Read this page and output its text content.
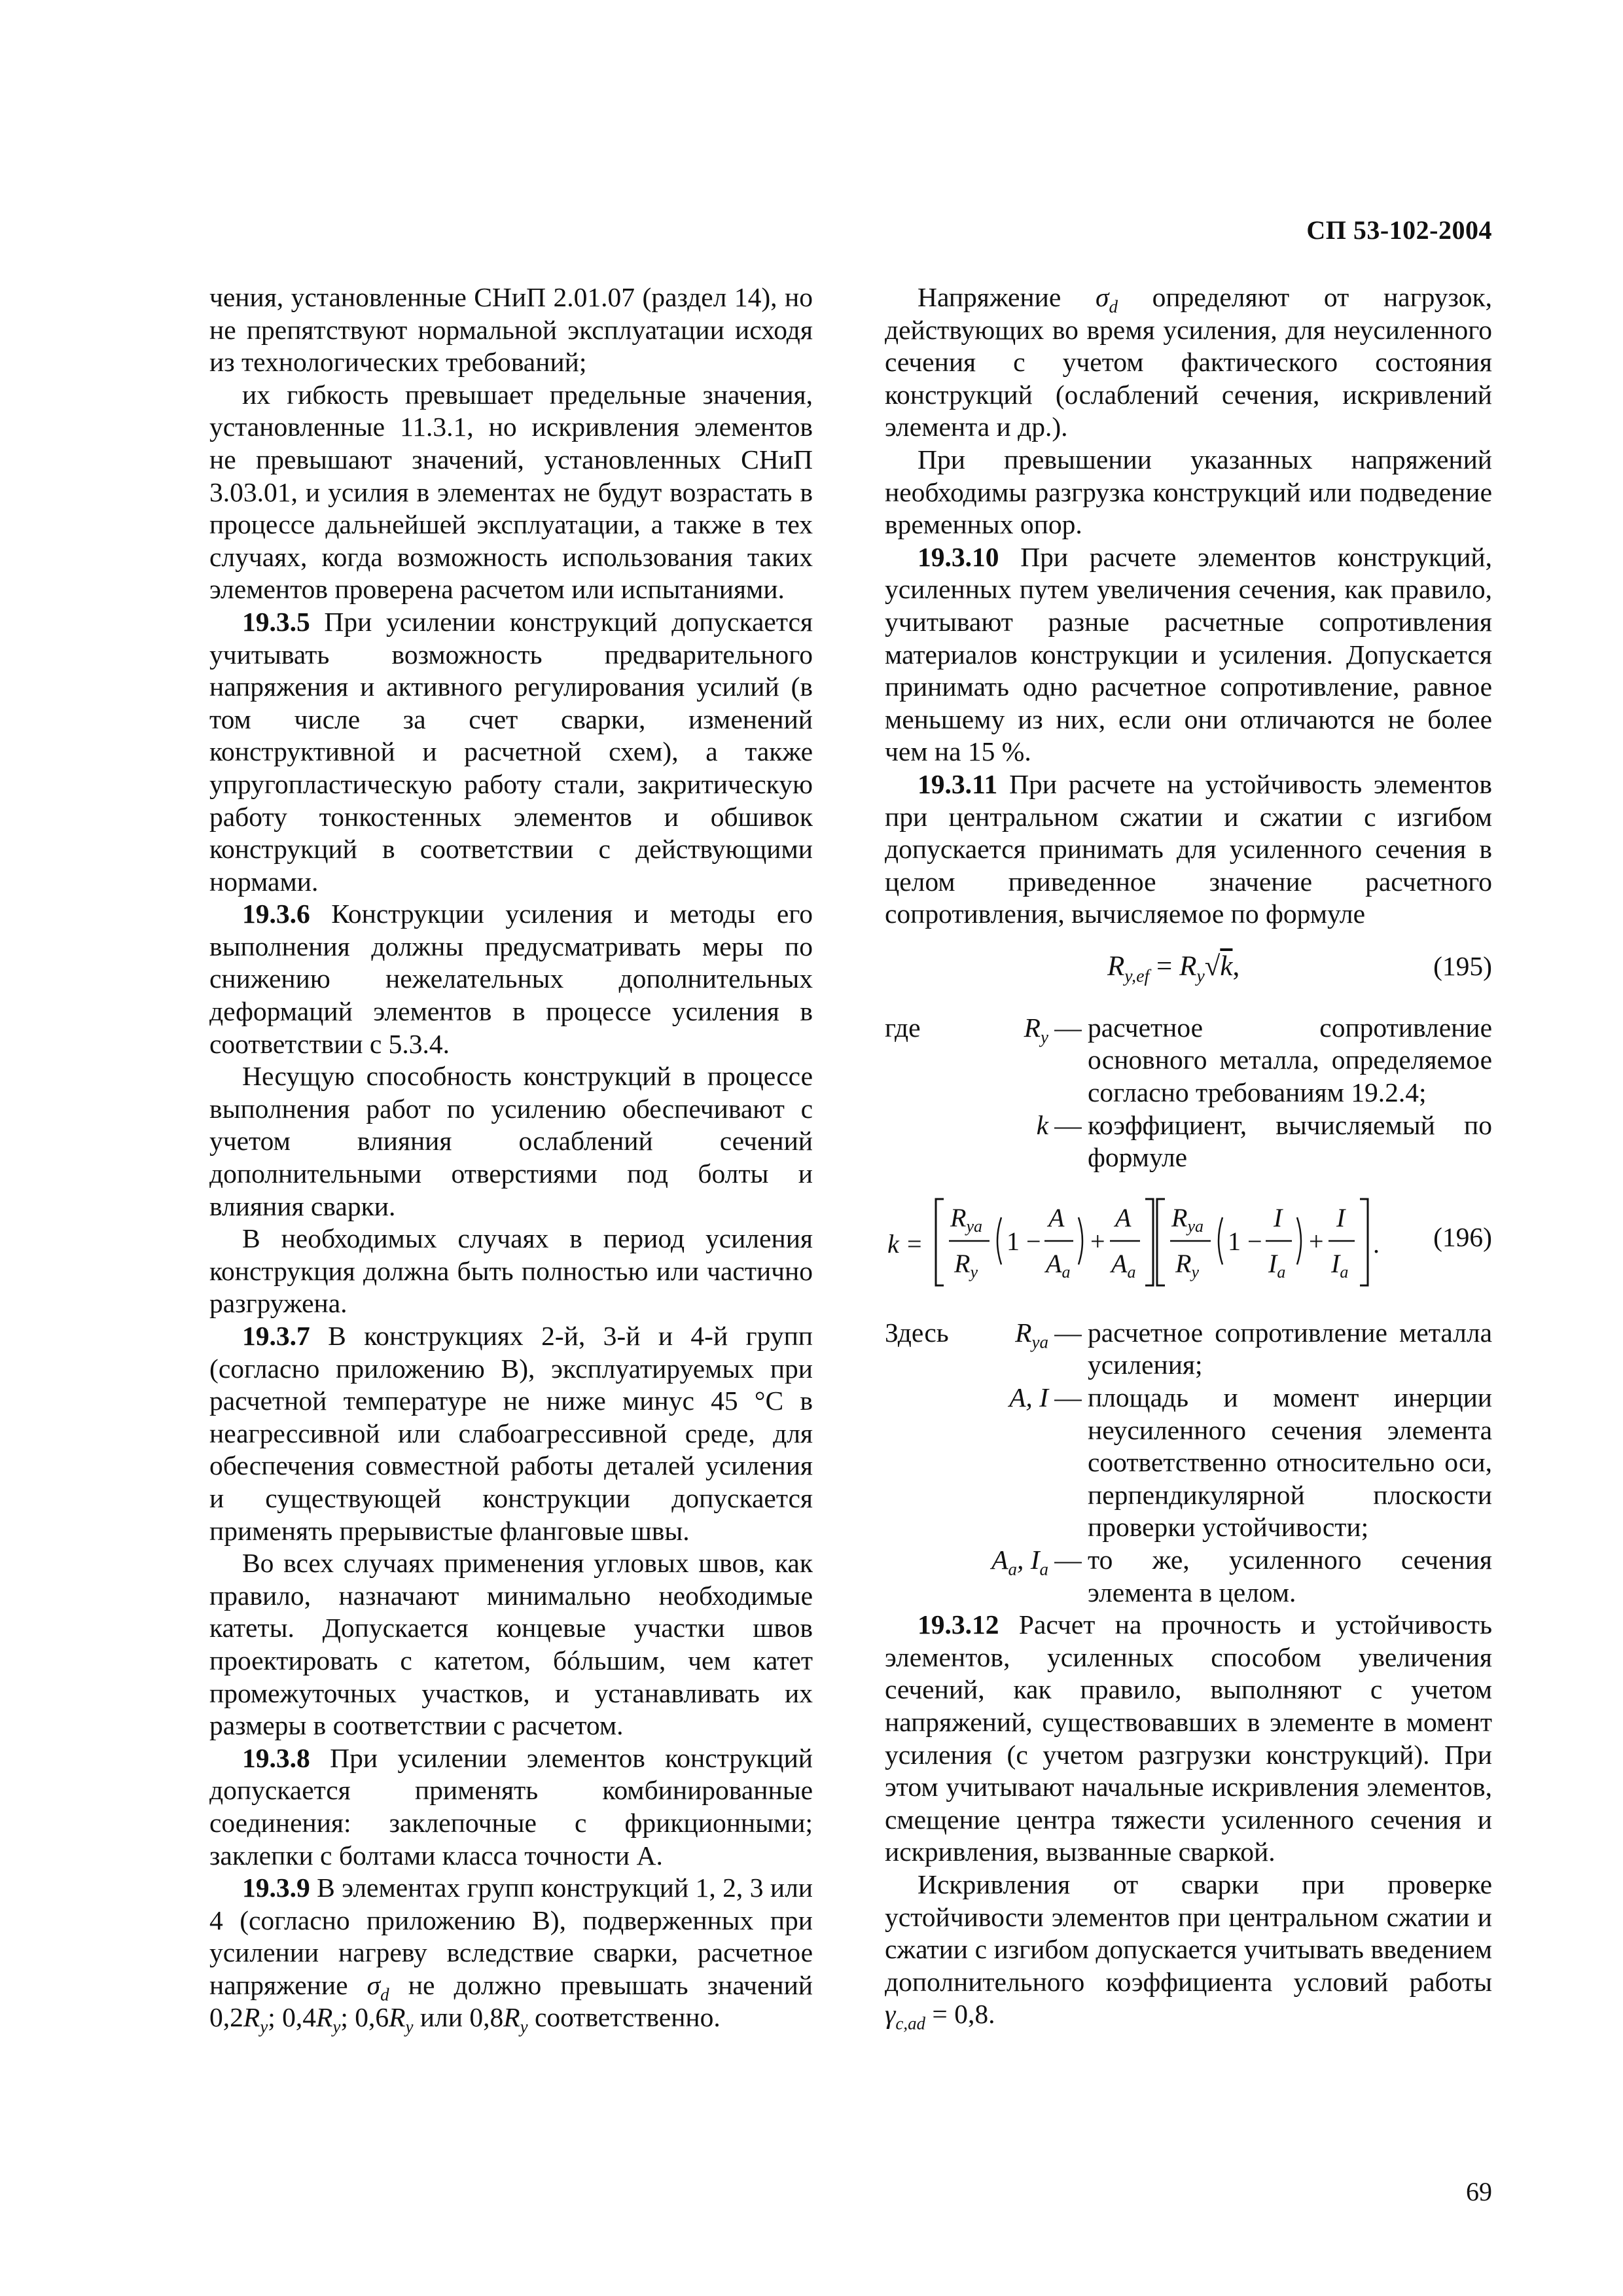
СП 53-102-2004

чения, установленные СНиП 2.01.07 (раздел 14), но не препятствуют нормальной эксплуатации исходя из технологических требований;

их гибкость превышает предельные значения, установленные 11.3.1, но искривления элементов не превышают значений, установленных СНиП 3.03.01, и усилия в элементах не будут возрастать в процессе дальнейшей эксплуатации, а также в тех случаях, когда возможность использования таких элементов проверена расчетом или испытаниями.

19.3.5 При усилении конструкций допускается учитывать возможность предварительного напряжения и активного регулирования усилий (в том числе за счет сварки, изменений конструктивной и расчетной схем), а также упругопластическую работу стали, закритическую работу тонкостенных элементов и обшивок конструкций в соответствии с действующими нормами.

19.3.6 Конструкции усиления и методы его выполнения должны предусматривать меры по снижению нежелательных дополнительных деформаций элементов в процессе усиления в соответствии с 5.3.4.

Несущую способность конструкций в процессе выполнения работ по усилению обеспечивают с учетом влияния ослаблений сечений дополнительными отверстиями под болты и влияния сварки.

В необходимых случаях в период усиления конструкция должна быть полностью или частично разгружена.

19.3.7 В конструкциях 2-й, 3-й и 4-й групп (согласно приложению В), эксплуатируемых при расчетной температуре не ниже минус 45 °С в неагрессивной или слабоагрессивной среде, для обеспечения совместной работы деталей усиления и существующей конструкции допускается применять прерывистые фланговые швы.

Во всех случаях применения угловых швов, как правило, назначают минимально необходимые катеты. Допускается концевые участки швов проектировать с катетом, бóльшим, чем катет промежуточных участков, и устанавливать их размеры в соответствии с расчетом.

19.3.8 При усилении элементов конструкций допускается применять комбинированные соединения: заклепочные с фрикционными; заклепки с болтами класса точности А.

19.3.9 В элементах групп конструкций 1, 2, 3 или 4 (согласно приложению В), подверженных при усилении нагреву вследствие сварки, расчетное напряжение $\sigma_d$ не должно превышать значений $0,2R_y$; $0,4R_y$; $0,6R_y$ или $0,8R_y$ соответственно.

Напряжение $\sigma_d$ определяют от нагрузок, действующих во время усиления, для неусиленного сечения с учетом фактического состояния конструкций (ослаблений сечения, искривлений элемента и др.).

При превышении указанных напряжений необходимы разгрузка конструкций или подведение временных опор.

19.3.10 При расчете элементов конструкций, усиленных путем увеличения сечения, как правило, учитывают разные расчетные сопротивления материалов конструкции и усиления. Допускается принимать одно расчетное сопротивление, равное меньшему из них, если они отличаются не более чем на 15 %.

19.3.11 При расчете на устойчивость элементов при центральном сжатии и сжатии с изгибом допускается принимать для усиленного сечения в целом приведенное значение расчетного сопротивления, вычисляемое по формуле

$R_{y,ef} = R_y√k$,	(195)
где	$R_y$ — расчетное сопротивление основного металла, определяемое согласно требованиям 19.2.4;
k — коэффициент, вычисляемый по формуле
k =
$R_{ya}$
$R_y$
1 −
A
$A_a$
+
A
$A_a$
$R_{ya}$
$R_y$
1 −
I
$I_a$
+
I
$I_a$
. (196)
Здесь	$R_{ya}$ — расчетное сопротивление металла усиления;
A, I — площадь и момент инерции неусиленного сечения элемента соответственно относительно оси, перпендикулярной плоскости проверки устойчивости;
$A_a$, $I_a$ — то же, усиленного сечения элемента в целом.

19.3.12 Расчет на прочность и устойчивость элементов, усиленных способом увеличения сечений, как правило, выполняют с учетом напряжений, существовавших в элементе в момент усиления (с учетом разгрузки конструкций). При этом учитывают начальные искривления элементов, смещение центра тяжести усиленного сечения и искривления, вызванные сваркой.

Искривления от сварки при проверке устойчивости элементов при центральном сжатии и сжатии с изгибом допускается учитывать введением дополнительного коэффициента условий работы $\gamma_{c,ad} = 0,8$.

69
